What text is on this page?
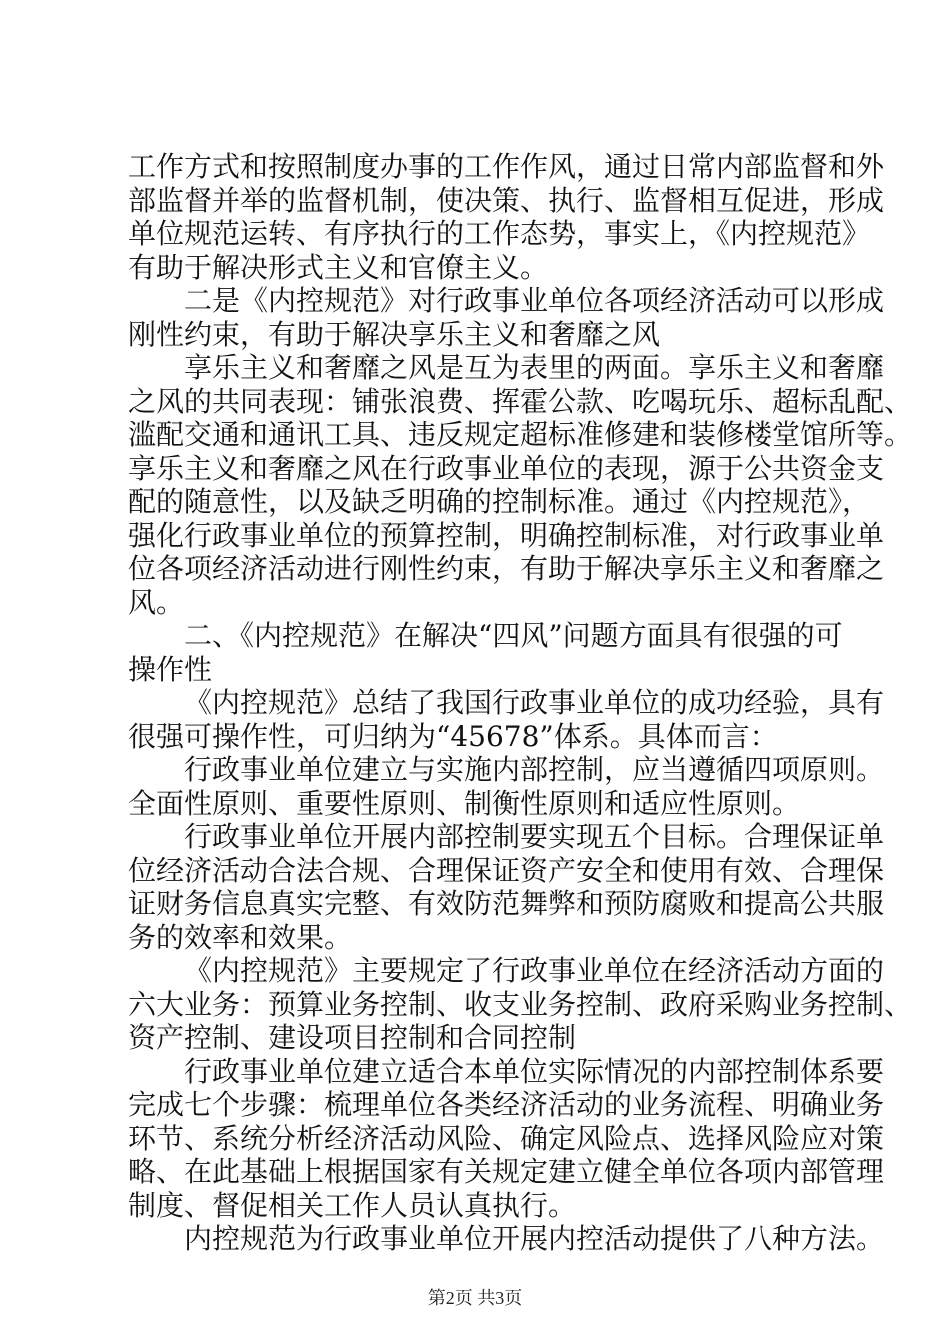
工作方式和按照制度办事的工作作风，通过日常内部监督和外
部监督并举的监督机制，使决策、执行、监督相互促进，形成
单位规范运转、有序执行的工作态势，事实上，《内控规范》
有助于解决形式主义和官僚主义。
二是《内控规范》对行政事业单位各项经济活动可以形成
刚性约束，有助于解决享乐主义和奢靡之风
享乐主义和奢靡之风是互为表里的两面。享乐主义和奢靡
之风的共同表现：铺张浪费、挥霍公款、吃喝玩乐、超标乱配、
滥配交通和通讯工具、违反规定超标准修建和装修楼堂馆所等。
享乐主义和奢靡之风在行政事业单位的表现，源于公共资金支
配的随意性，以及缺乏明确的控制标准。通过《内控规范》，
强化行政事业单位的预算控制，明确控制标准，对行政事业单
位各项经济活动进行刚性约束，有助于解决享乐主义和奢靡之
风。
二、《内控规范》在解决“四风”问题方面具有很强的可
操作性
《内控规范》总结了我国行政事业单位的成功经验，具有
很强可操作性，可归纳为“45678”体系。具体而言：
行政事业单位建立与实施内部控制，应当遵循四项原则。
全面性原则、重要性原则、制衡性原则和适应性原则。
行政事业单位开展内部控制要实现五个目标。合理保证单
位经济活动合法合规、合理保证资产安全和使用有效、合理保
证财务信息真实完整、有效防范舞弊和预防腐败和提高公共服
务的效率和效果。
《内控规范》主要规定了行政事业单位在经济活动方面的
六大业务：预算业务控制、收支业务控制、政府采购业务控制、
资产控制、建设项目控制和合同控制
行政事业单位建立适合本单位实际情况的内部控制体系要
完成七个步骤：梳理单位各类经济活动的业务流程、明确业务
环节、系统分析经济活动风险、确定风险点、选择风险应对策
略、在此基础上根据国家有关规定建立健全单位各项内部管理
制度、督促相关工作人员认真执行。
内控规范为行政事业单位开展内控活动提供了八种方法。
第2页 共3页
